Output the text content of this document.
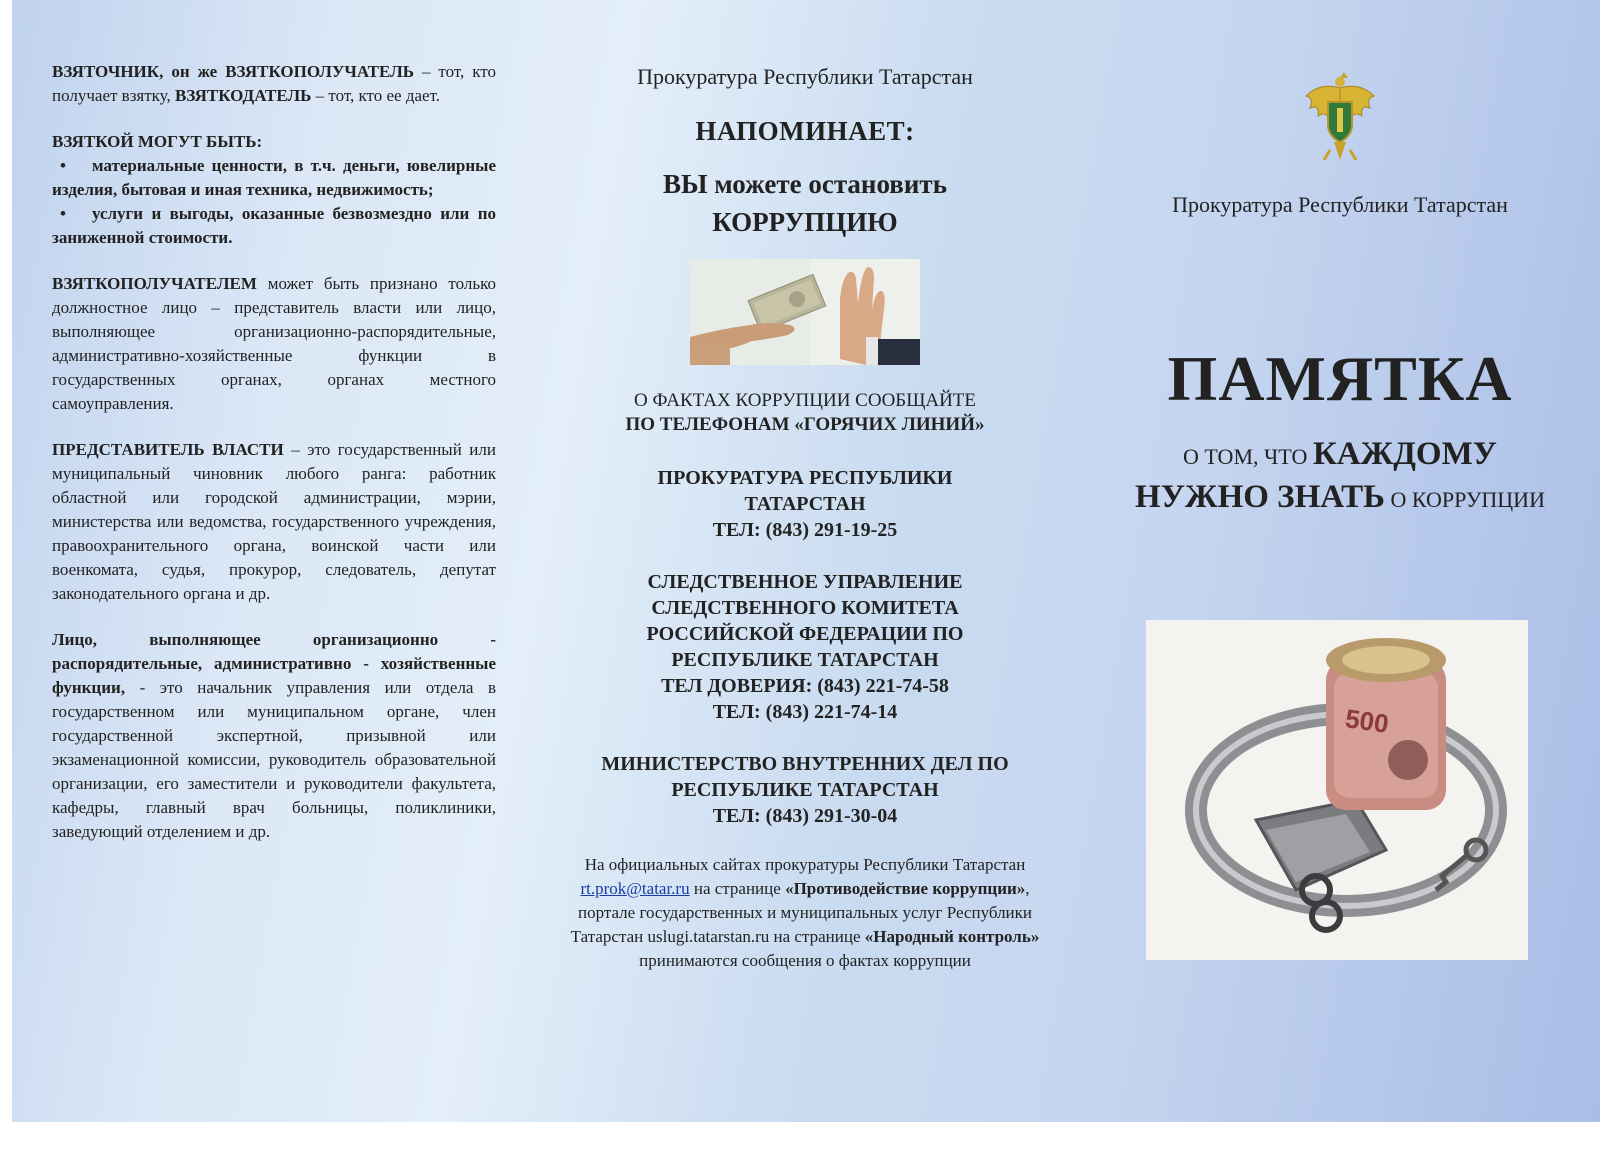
ВЗЯТОЧНИК, он же ВЗЯТКОПОЛУЧАТЕЛЬ – тот, кто получает взятку, ВЗЯТКОДАТЕЛЬ – тот, кто ее дает.

ВЗЯТКОЙ МОГУТ БЫТЬ:
• материальные ценности, в т.ч. деньги, ювелирные изделия, бытовая и иная техника, недвижимость;
• услуги и выгоды, оказанные безвозмездно или по заниженной стоимости.

ВЗЯТКОПОЛУЧАТЕЛЕМ может быть признано только должностное лицо – представитель власти или лицо, выполняющее организационно-распорядительные, административно-хозяйственные функции в государственных органах, органах местного самоуправления.

ПРЕДСТАВИТЕЛЬ ВЛАСТИ – это государственный или муниципальный чиновник любого ранга: работник областной или городской администрации, мэрии, министерства или ведомства, государственного учреждения, правоохранительного органа, воинской части или военкомата, судья, прокурор, следователь, депутат законодательного органа и др.

Лицо, выполняющее организационно - распорядительные, административно - хозяйственные функции, - это начальник управления или отдела в государственном или муниципальном органе, член государственной экспертной, призывной или экзаменационной комиссии, руководитель образовательной организации, его заместители и руководители факультета, кафедры, главный врач больницы, поликлиники, заведующий отделением и др.

Прокуратура Республики Татарстан
НАПОМИНАЕТ:
ВЫ можете остановить
КОРРУПЦИЮ
О ФАКТАХ КОРРУПЦИИ СООБЩАЙТЕ
ПО ТЕЛЕФОНАМ «ГОРЯЧИХ ЛИНИЙ»
ПРОКУРАТУРА РЕСПУБЛИКИ
ТАТАРСТАН
ТЕЛ: (843) 291-19-25
СЛЕДСТВЕННОЕ УПРАВЛЕНИЕ
СЛЕДСТВЕННОГО КОМИТЕТА
РОССИЙСКОЙ ФЕДЕРАЦИИ ПО
РЕСПУБЛИКЕ ТАТАРСТАН
ТЕЛ ДОВЕРИЯ: (843) 221-74-58
ТЕЛ: (843) 221-74-14
МИНИСТЕРСТВО ВНУТРЕННИХ ДЕЛ ПО
РЕСПУБЛИКЕ ТАТАРСТАН
ТЕЛ: (843) 291-30-04
На официальных сайтах прокуратуры Республики Татарстан rt.prok@tatar.ru на странице «Противодействие коррупции», портале государственных и муниципальных услуг Республики Татарстан uslugi.tatarstan.ru на странице «Народный контроль» принимаются сообщения о фактах коррупции
Прокуратура Республики Татарстан
ПАМЯТКА
О ТОМ, ЧТО КАЖДОМУ
НУЖНО ЗНАТЬ О КОРРУПЦИИ
500
